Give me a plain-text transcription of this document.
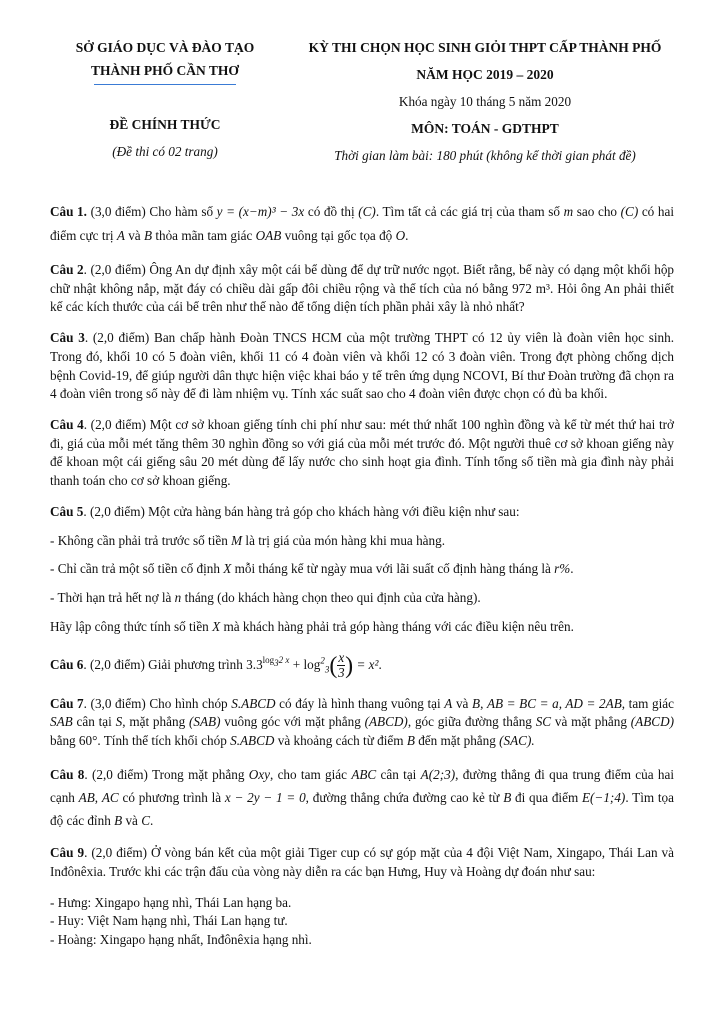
SỞ GIÁO DỤC VÀ ĐÀO TẠO
THÀNH PHỐ CẦN THƠ
ĐỀ CHÍNH THỨC
(Đề thi có 02 trang)
KỲ THI CHỌN HỌC SINH GIỎI THPT CẤP THÀNH PHỐ
NĂM HỌC 2019 – 2020
Khóa ngày 10 tháng 5 năm 2020
MÔN: TOÁN - GDTHPT
Thời gian làm bài: 180 phút (không kể thời gian phát đề)

Câu 1. (3,0 điểm) Cho hàm số y = (x−m)³ − 3x có đồ thị (C). Tìm tất cả các giá trị của tham số m sao cho (C) có hai điểm cực trị A và B thỏa mãn tam giác OAB vuông tại gốc tọa độ O.

Câu 2. (2,0 điểm) Ông An dự định xây một cái bể dùng để dự trữ nước ngọt. Biết rằng, bể này có dạng một khối hộp chữ nhật không nắp, mặt đáy có chiều dài gấp đôi chiều rộng và thể tích của nó bằng 972 m³. Hỏi ông An phải thiết kế các kích thước của cái bể trên như thế nào để tổng diện tích phần phải xây là nhỏ nhất?

Câu 3. (2,0 điểm) Ban chấp hành Đoàn TNCS HCM của một trường THPT có 12 ủy viên là đoàn viên học sinh. Trong đó, khối 10 có 5 đoàn viên, khối 11 có 4 đoàn viên và khối 12 có 3 đoàn viên. Trong đợt phòng chống dịch bệnh Covid-19, để giúp người dân thực hiện việc khai báo y tế trên ứng dụng NCOVI, Bí thư Đoàn trường đã chọn ra 4 đoàn viên trong số này để đi làm nhiệm vụ. Tính xác suất sao cho 4 đoàn viên được chọn có đủ ba khối.

Câu 4. (2,0 điểm) Một cơ sở khoan giếng tính chi phí như sau: mét thứ nhất 100 nghìn đồng và kể từ mét thứ hai trở đi, giá của mỗi mét tăng thêm 30 nghìn đồng so với giá của mỗi mét trước đó. Một người thuê cơ sở khoan giếng này để khoan một cái giếng sâu 20 mét dùng để lấy nước cho sinh hoạt gia đình. Tính tổng số tiền mà gia đình này phải thanh toán cho cơ sở khoan giếng.

Câu 5. (2,0 điểm) Một cửa hàng bán hàng trả góp cho khách hàng với điều kiện như sau:

- Không cần phải trả trước số tiền M là trị giá của món hàng khi mua hàng.

- Chỉ cần trả một số tiền cố định X mỗi tháng kể từ ngày mua với lãi suất cố định hàng tháng là r%.

- Thời hạn trả hết nợ là n tháng (do khách hàng chọn theo qui định của cửa hàng).

Hãy lập công thức tính số tiền X mà khách hàng phải trả góp hàng tháng với các điều kiện nêu trên.

Câu 6. (2,0 điểm) Giải phương trình $3.3^{log_32 x} + \log^2_3( \frac{x}{3}$ ) = x².

Câu 7. (3,0 điểm) Cho hình chóp S.ABCD có đáy là hình thang vuông tại A và B, AB = BC = a, AD = 2AB, tam giác SAB cân tại S, mặt phẳng (SAB) vuông góc với mặt phẳng (ABCD), góc giữa đường thẳng SC và mặt phẳng (ABCD) bằng 60°. Tính thể tích khối chóp S.ABCD và khoảng cách từ điểm B đến mặt phẳng (SAC).

Câu 8. (2,0 điểm) Trong mặt phẳng Oxy, cho tam giác ABC cân tại A(2;3), đường thẳng đi qua trung điểm của hai cạnh AB, AC có phương trình là x − 2y − 1 = 0, đường thẳng chứa đường cao kẻ từ B đi qua điểm E(−1;4). Tìm tọa độ các đỉnh B và C.

Câu 9. (2,0 điểm) Ở vòng bán kết của một giải Tiger cup có sự góp mặt của 4 đội Việt Nam, Xingapo, Thái Lan và Inđônêxia. Trước khi các trận đấu của vòng này diễn ra các bạn Hưng, Huy và Hoàng dự đoán như sau:

- Hưng: Xingapo hạng nhì, Thái Lan hạng ba.

- Huy: Việt Nam hạng nhì, Thái Lan hạng tư.

- Hoàng: Xingapo hạng nhất, Inđônêxia hạng nhì.
